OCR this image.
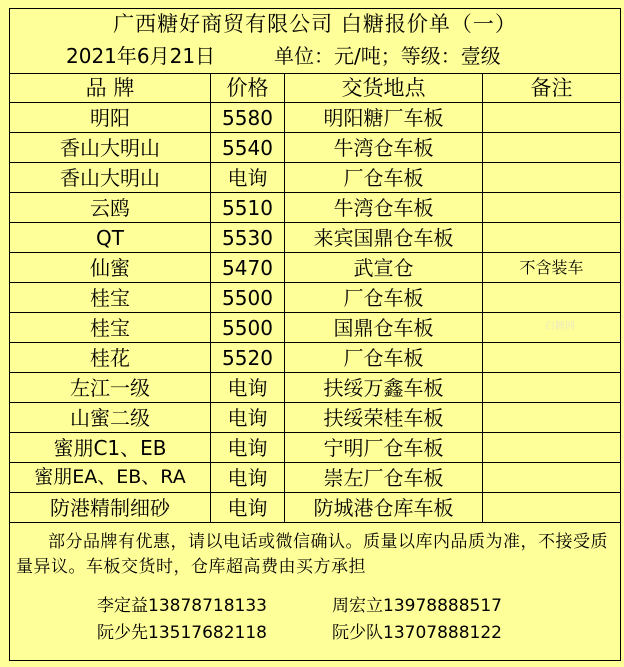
广西糖好商贸有限公司 白糖报价单（一）
2021年6月21日	单位：元/吨；等级：壹级
品 牌	价格	交货地点	备注
明阳	5580	明阳糖厂车板
香山大明山	5540	牛湾仓车板
香山大明山	电询	厂仓车板
云鸥	5510	牛湾仓车板
QT	5530	来宾国鼎仓车板
仙蜜	5470	武宣仓	不含装车
桂宝	5500	厂仓车板
桂宝	5500	国鼎仓车板	白糖网
桂花	5520	厂仓车板
左江一级	电询	扶绥万鑫车板
山蜜二级	电询	扶绥荣桂车板
蜜朋C1、EB	电询	宁明厂仓车板
蜜朋EA、EB、RA	电询	崇左厂仓车板
防港精制细砂	电询	防城港仓库车板
部分品牌有优惠，请以电话或微信确认。质量以库内品质为准，不接受质量异议。车板交货时，仓库超高费由买方承担
李定益13878718133	周宏立13978888517
阮少先13517682118	阮少队13707888122
